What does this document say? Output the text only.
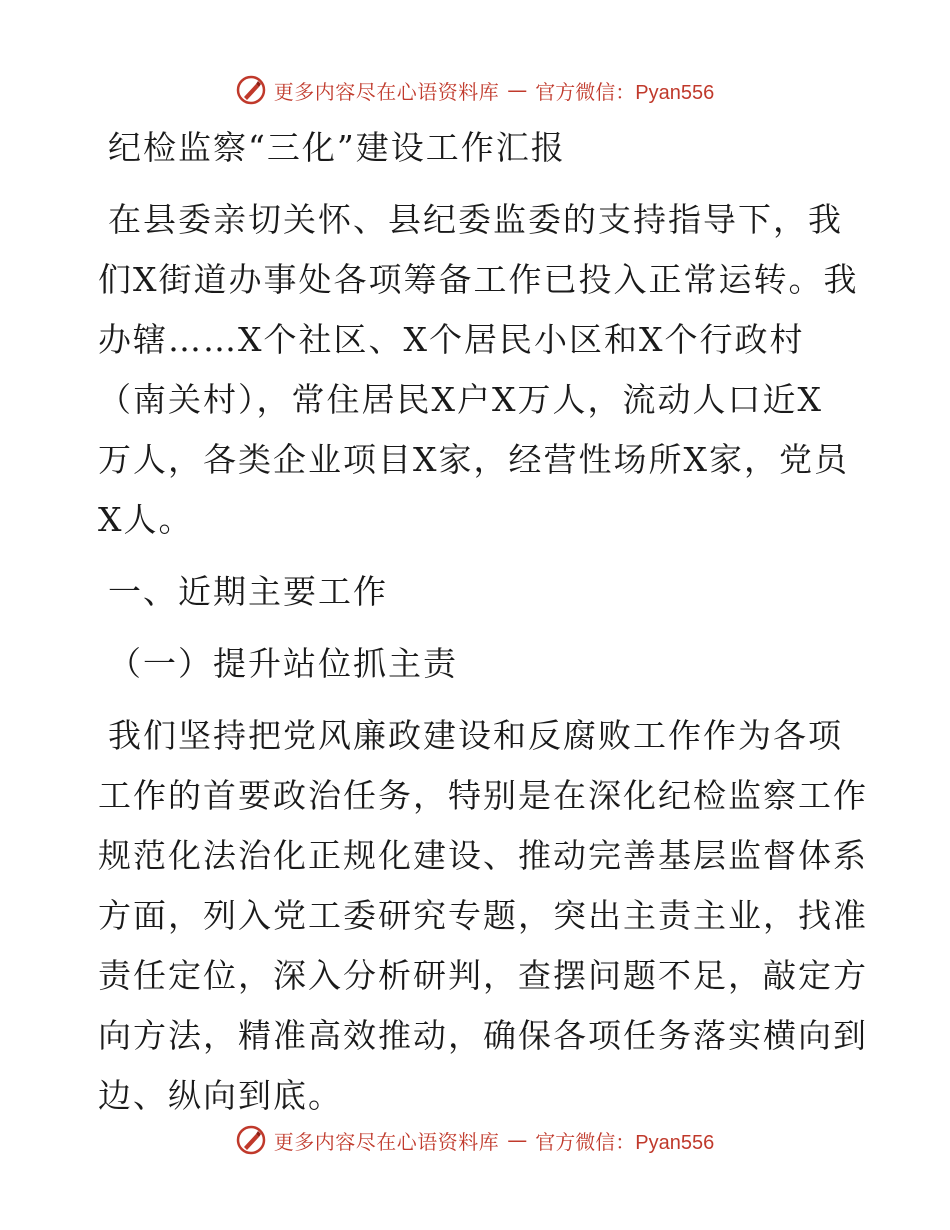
更多内容尽在心语资料库 — 官方微信：Pyan556
纪检监察“三化”建设工作汇报
在县委亲切关怀、县纪委监委的支持指导下，我
们X街道办事处各项筹备工作已投入正常运转。我
办辖……X个社区、X个居民小区和X个行政村
（南关村），常住居民X户X万人，流动人口近X
万人，各类企业项目X家，经营性场所X家，党员
X人。
一、近期主要工作
（一）提升站位抓主责
我们坚持把党风廉政建设和反腐败工作作为各项
工作的首要政治任务，特别是在深化纪检监察工作
规范化法治化正规化建设、推动完善基层监督体系
方面，列入党工委研究专题，突出主责主业，找准
责任定位，深入分析研判，查摆问题不足，敲定方
向方法，精准高效推动，确保各项任务落实横向到
边、纵向到底。
更多内容尽在心语资料库 — 官方微信：Pyan556
